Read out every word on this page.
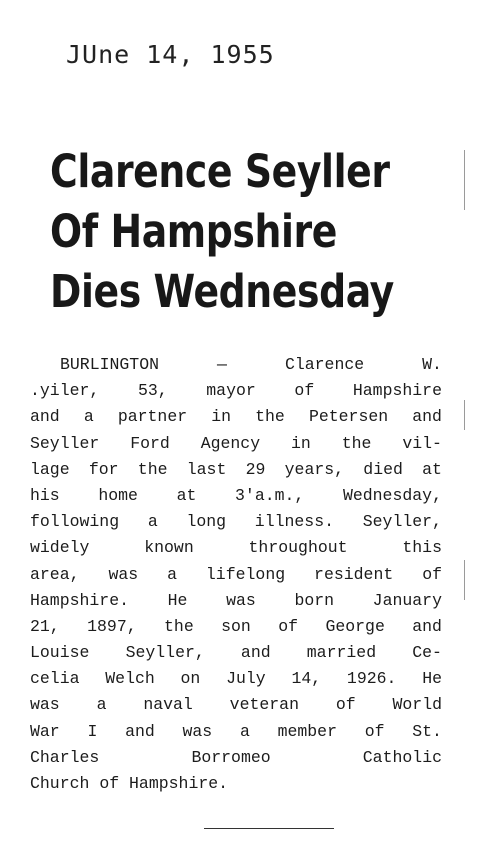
JUne 14, 1955
Clarence Seyller
Of Hampshire
Dies Wednesday
BURLINGTON	—	Clarence	W.
.yiler, 53, mayor of Hampshire
and a partner in the Petersen and
Seyller Ford Agency in the vil-
lage for the last 29 years, died at
his home at 3'a.m., Wednesday,
following a long illness. Seyller,
widely	known	throughout	this
area, was a lifelong resident of
Hampshire. He was born January
21, 1897, the son of George and
Louise Seyller, and married Ce-
celia Welch on July 14, 1926. He
was a naval veteran of World
War I and was a member of St.
Charles	Borromeo	Catholic
Church of Hampshire.
